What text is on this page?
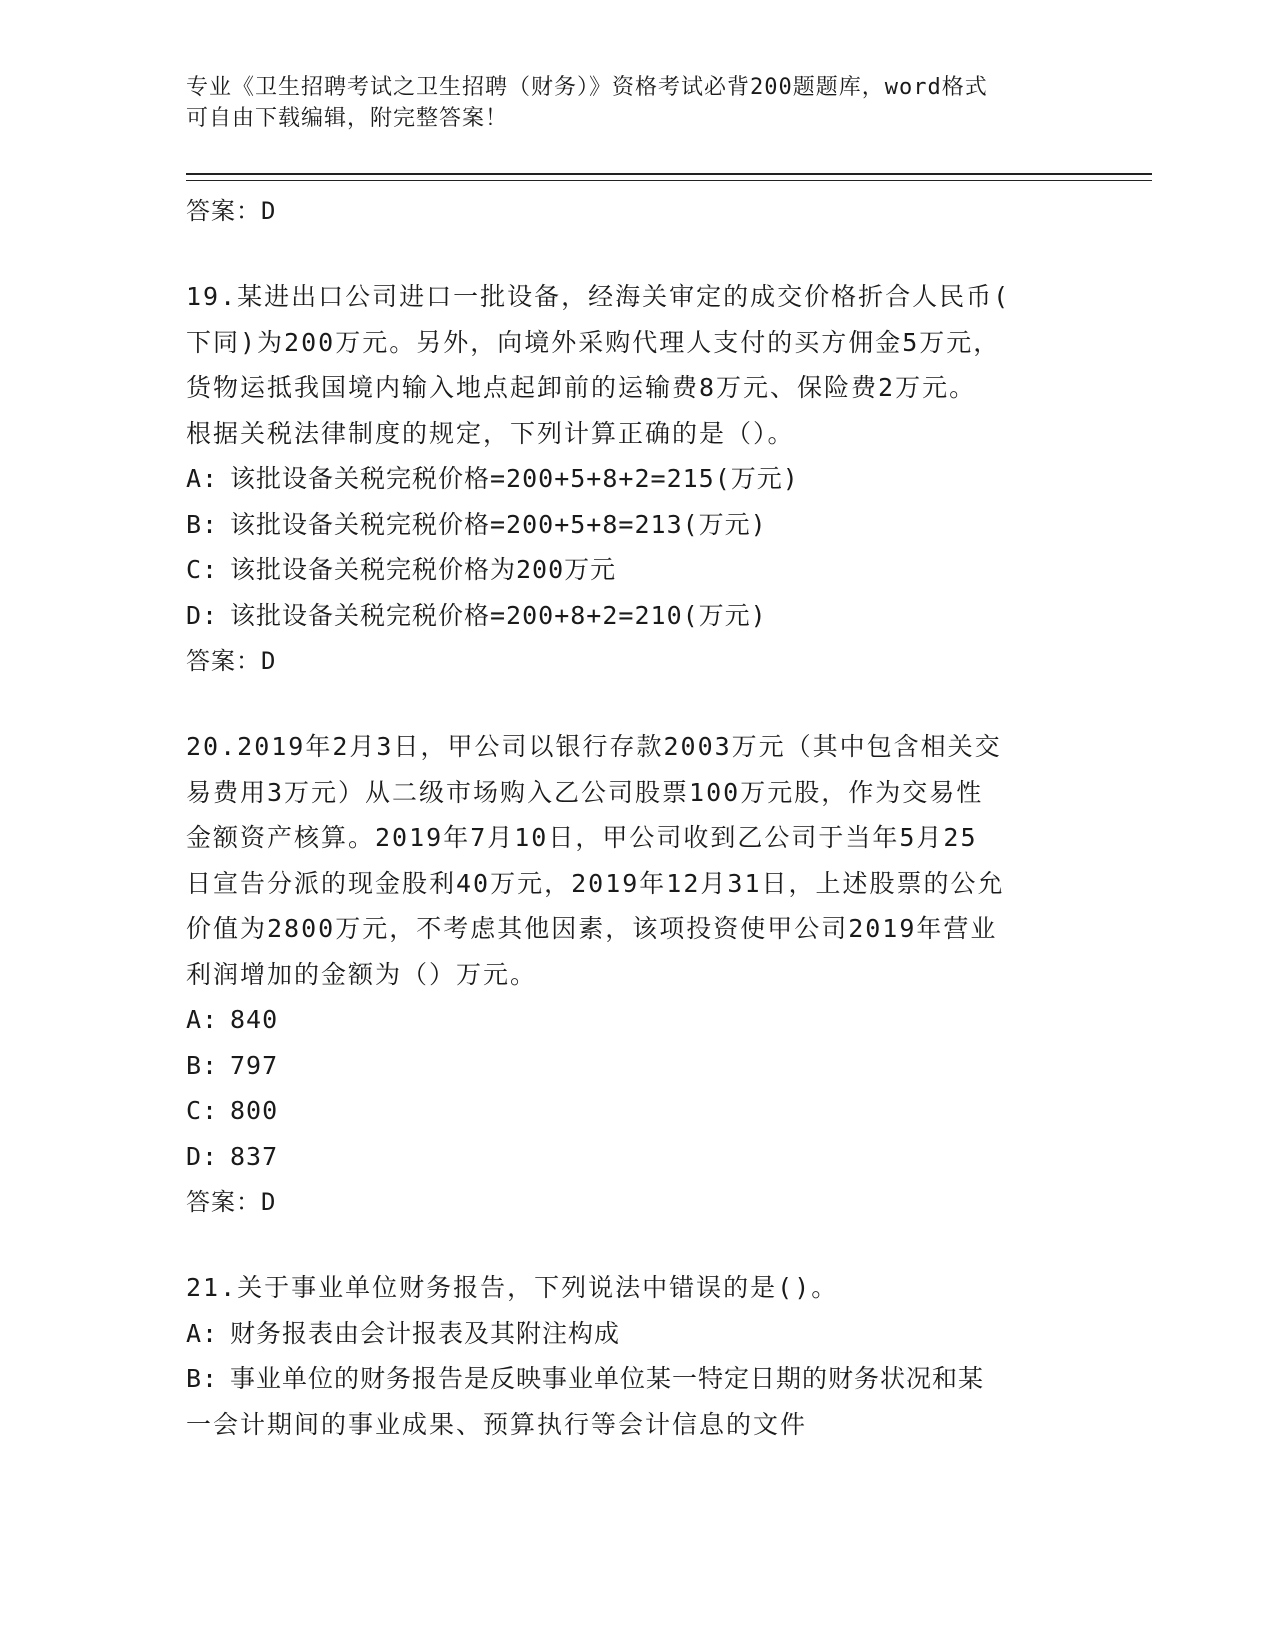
专业《卫生招聘考试之卫生招聘（财务）》资格考试必背200题题库，word格式
可自由下载编辑，附完整答案！

答案：D

19.某进出口公司进口一批设备，经海关审定的成交价格折合人民币(

下同)为200万元。另外，向境外采购代理人支付的买方佣金5万元，

货物运抵我国境内输入地点起卸前的运输费8万元、保险费2万元。

根据关税法律制度的规定，下列计算正确的是（）。

A: 该批设备关税完税价格=200+5+8+2=215(万元)

B: 该批设备关税完税价格=200+5+8=213(万元)

C: 该批设备关税完税价格为200万元

D: 该批设备关税完税价格=200+8+2=210(万元)

答案：D

20.2019年2月3日，甲公司以银行存款2003万元（其中包含相关交

易费用3万元）从二级市场购入乙公司股票100万元股，作为交易性

金额资产核算。2019年7月10日，甲公司收到乙公司于当年5月25

日宣告分派的现金股利40万元，2019年12月31日，上述股票的公允

价值为2800万元，不考虑其他因素，该项投资使甲公司2019年营业

利润增加的金额为（）万元。

A: 840

B: 797

C: 800

D: 837

答案：D

21.关于事业单位财务报告，下列说法中错误的是()。

A: 财务报表由会计报表及其附注构成

B: 事业单位的财务报告是反映事业单位某一特定日期的财务状况和某

一会计期间的事业成果、预算执行等会计信息的文件
